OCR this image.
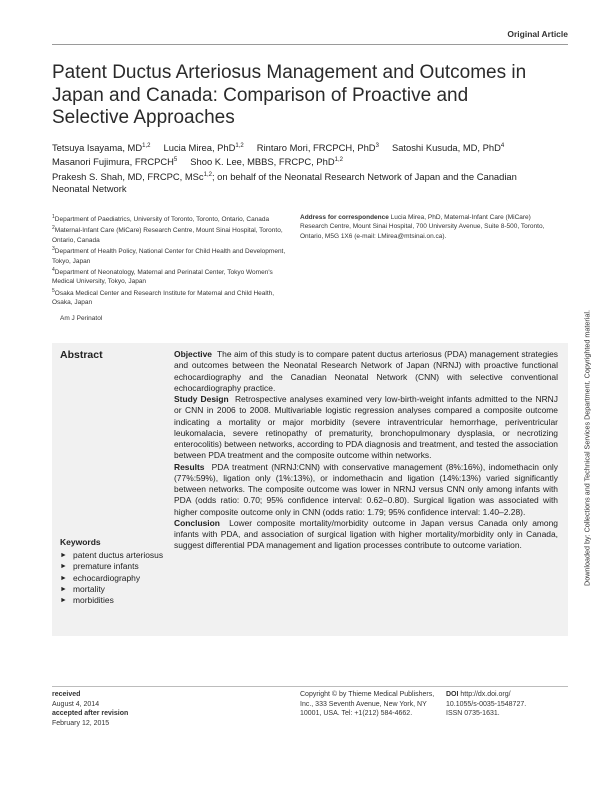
Original Article
Patent Ductus Arteriosus Management and Outcomes in Japan and Canada: Comparison of Proactive and Selective Approaches
Tetsuya Isayama, MD$^{1,2}$ Lucia Mirea, PhD$^{1,2}$ Rintaro Mori, FRCPCH, PhD$^3$ Satoshi Kusuda, MD, PhD$^4$
Masanori Fujimura, FRCPCH$^5$ Shoo K. Lee, MBBS, FRCPC, PhD$^{1,2}$
Prakesh S. Shah, MD, FRCPC, MSc$^{1,2}$; on behalf of the Neonatal Research Network of Japan and the Canadian Neonatal Network

$^1$Department of Paediatrics, University of Toronto, Toronto, Ontario, Canada

$^2$Maternal-Infant Care (MiCare) Research Centre, Mount Sinai Hospital, Toronto, Ontario, Canada

$^3$Department of Health Policy, National Center for Child Health and Development, Tokyo, Japan

$^4$Department of Neonatology, Maternal and Perinatal Center, Tokyo Women's Medical University, Tokyo, Japan

$^5$Osaka Medical Center and Research Institute for Maternal and Child Health, Osaka, Japan

Address for correspondence Lucia Mirea, PhD, Maternal-Infant Care (MiCare) Research Centre, Mount Sinai Hospital, 700 University Avenue, Suite 8-500, Toronto, Ontario, M5G 1X6 (e-mail: LMirea@mtsinai.on.ca).
Am J Perinatol
Abstract	Objective The aim of this study is to compare patent ductus arteriosus (PDA) management strategies and outcomes between the Neonatal Research Network of Japan (NRNJ) with proactive functional echocardiography and the Canadian Neonatal Network (CNN) with selective conventional echocardiography practice.

Study Design Retrospective analyses examined very low-birth-weight infants admitted to the NRNJ or CNN in 2006 to 2008. Multivariable logistic regression analyses compared a composite outcome indicating a mortality or major morbidity (severe intraventricular hemorrhage, periventricular leukomalacia, severe retinopathy of prematurity, bronchopulmonary dysplasia, or necrotizing enterocolitis) between networks, according to PDA diagnosis and treatment, and tested the association between PDA treatment and the composite outcome within networks.

Results PDA treatment (NRNJ:CNN) with conservative management (8%:16%), indomethacin only (77%:59%), ligation only (1%:13%), or indomethacin and ligation (14%:13%) varied significantly between networks. The composite outcome was lower in NRNJ versus CNN only among infants with PDA (odds ratio: 0.70; 95% confidence interval: 0.62–0.80). Surgical ligation was associated with higher composite outcome only in CNN (odds ratio: 1.79; 95% confidence interval: 1.40–2.28).

Conclusion Lower composite mortality/morbidity outcome in Japan versus Canada only among infants with PDA, and association of surgical ligation with higher mortality/morbidity only in Canada, suggest differential PDA management and ligation processes contribute to outcome variation.

Keywords
► patent ductus arteriosus
► premature infants
► echocardiography
► mortality
► morbidities
Downloaded by: Collections and Technical Services Department. Copyrighted material.
received
August 4, 2014
accepted after revision
February 12, 2015
Copyright © by Thieme Medical Publishers, Inc., 333 Seventh Avenue, New York, NY 10001, USA. Tel: +1(212) 584-4662.
DOI http://dx.doi.org/
10.1055/s-0035-1548727.
ISSN 0735-1631.
